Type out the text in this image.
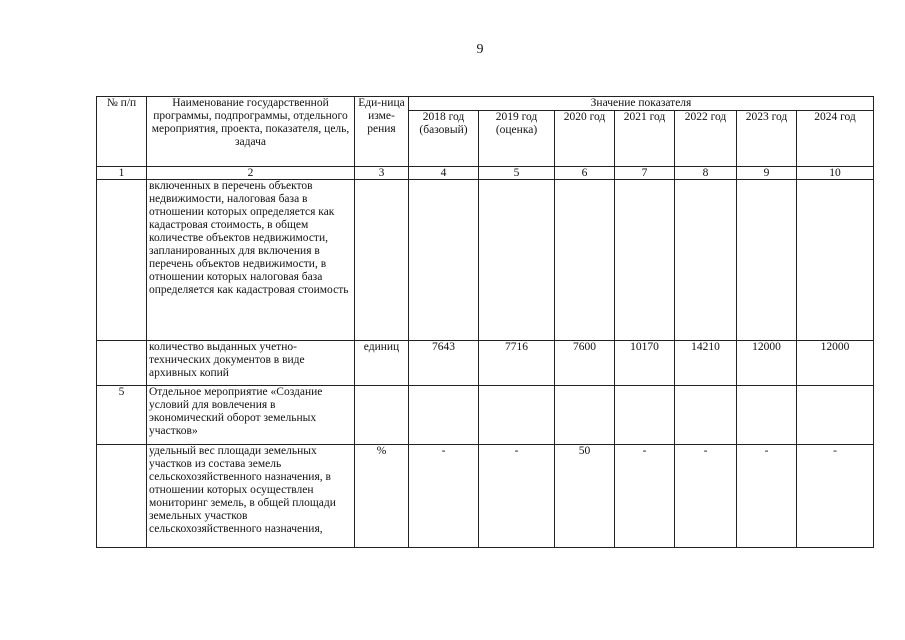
9
№ п/п	Наименование государственной программы, подпрограммы, отдельного мероприятия, проекта, показателя, цель, задача	Еди-ница изме-рения	Значение показателя						
			2018 год (базовый)	2019 год (оценка)	2020 год	2021 год	2022 год	2023 год	2024 год
1	2	3	4	5	6	7	8	9	10
	включенных в перечень объектов недвижимости, налоговая база в отношении которых определяется как кадастровая стоимость, в общем количестве объектов недвижимости, запланированных для включения в перечень объектов недвижимости, в отношении которых налоговая база определяется как кадастровая стоимость								
	количество выданных учетно-технических документов в виде архивных копий	единиц	7643	7716	7600	10170	14210	12000	12000
5	Отдельное мероприятие «Создание условий для вовлечения в экономический оборот земельных участков»								
	удельный вес площади земельных участков из состава земель сельскохозяйственного назначения, в отношении которых осуществлен мониторинг земель, в общей площади земельных участков сельскохозяйственного назначения,	%	-	-	50	-	-	-	-
